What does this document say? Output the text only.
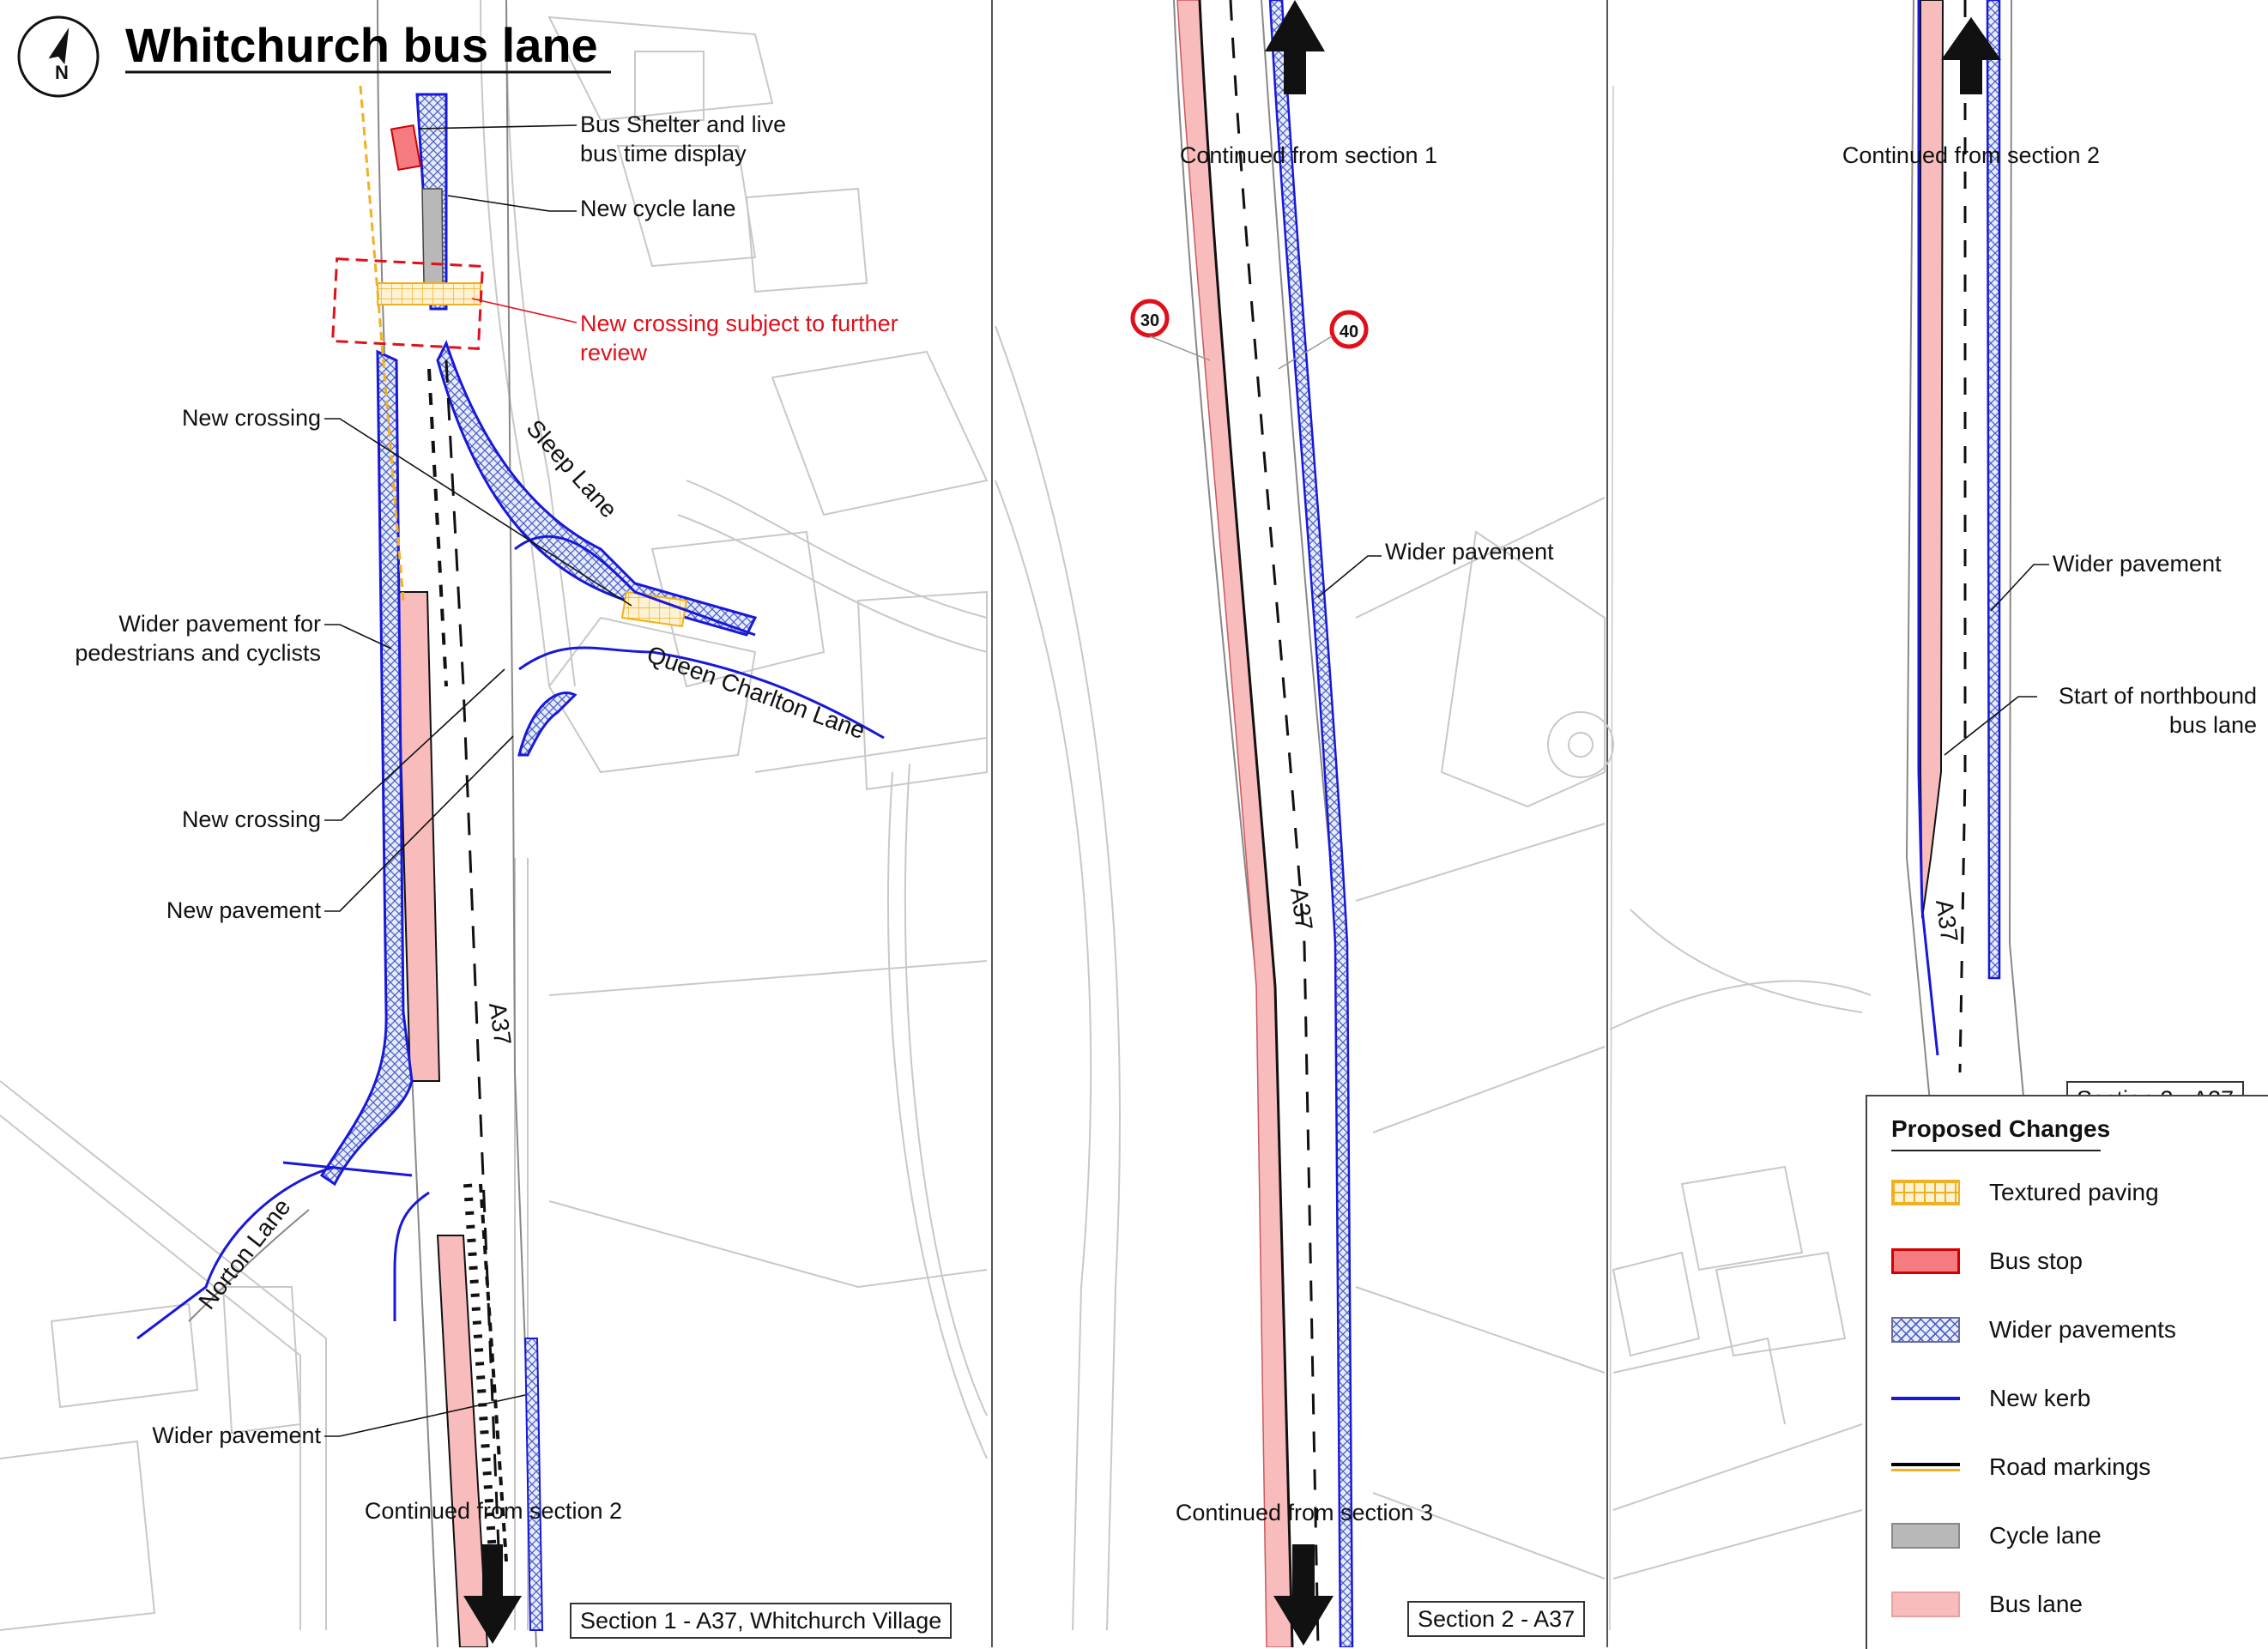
N
Whitchurch bus lane
Bus Shelter and live
bus time display
New cycle lane
New crossing subject to further
review
New crossing
Wider pavement for
pedestrians and cyclists
New crossing
New pavement
Wider pavement
Continued from section 2
Sleep Lane
Queen Charlton Lane
Norton Lane
A37
30
40
Continued from section 1
Wider pavement
Continued from section 3
A37
Continued from section 2
Wider pavement
Start of northbound
bus lane
A37
Section 1 - A37, Whitchurch Village	Section 2 - A37
Proposed Changes
Textured paving
Bus stop
Wider pavements
New kerb
Road markings
Cycle lane
Bus lane
